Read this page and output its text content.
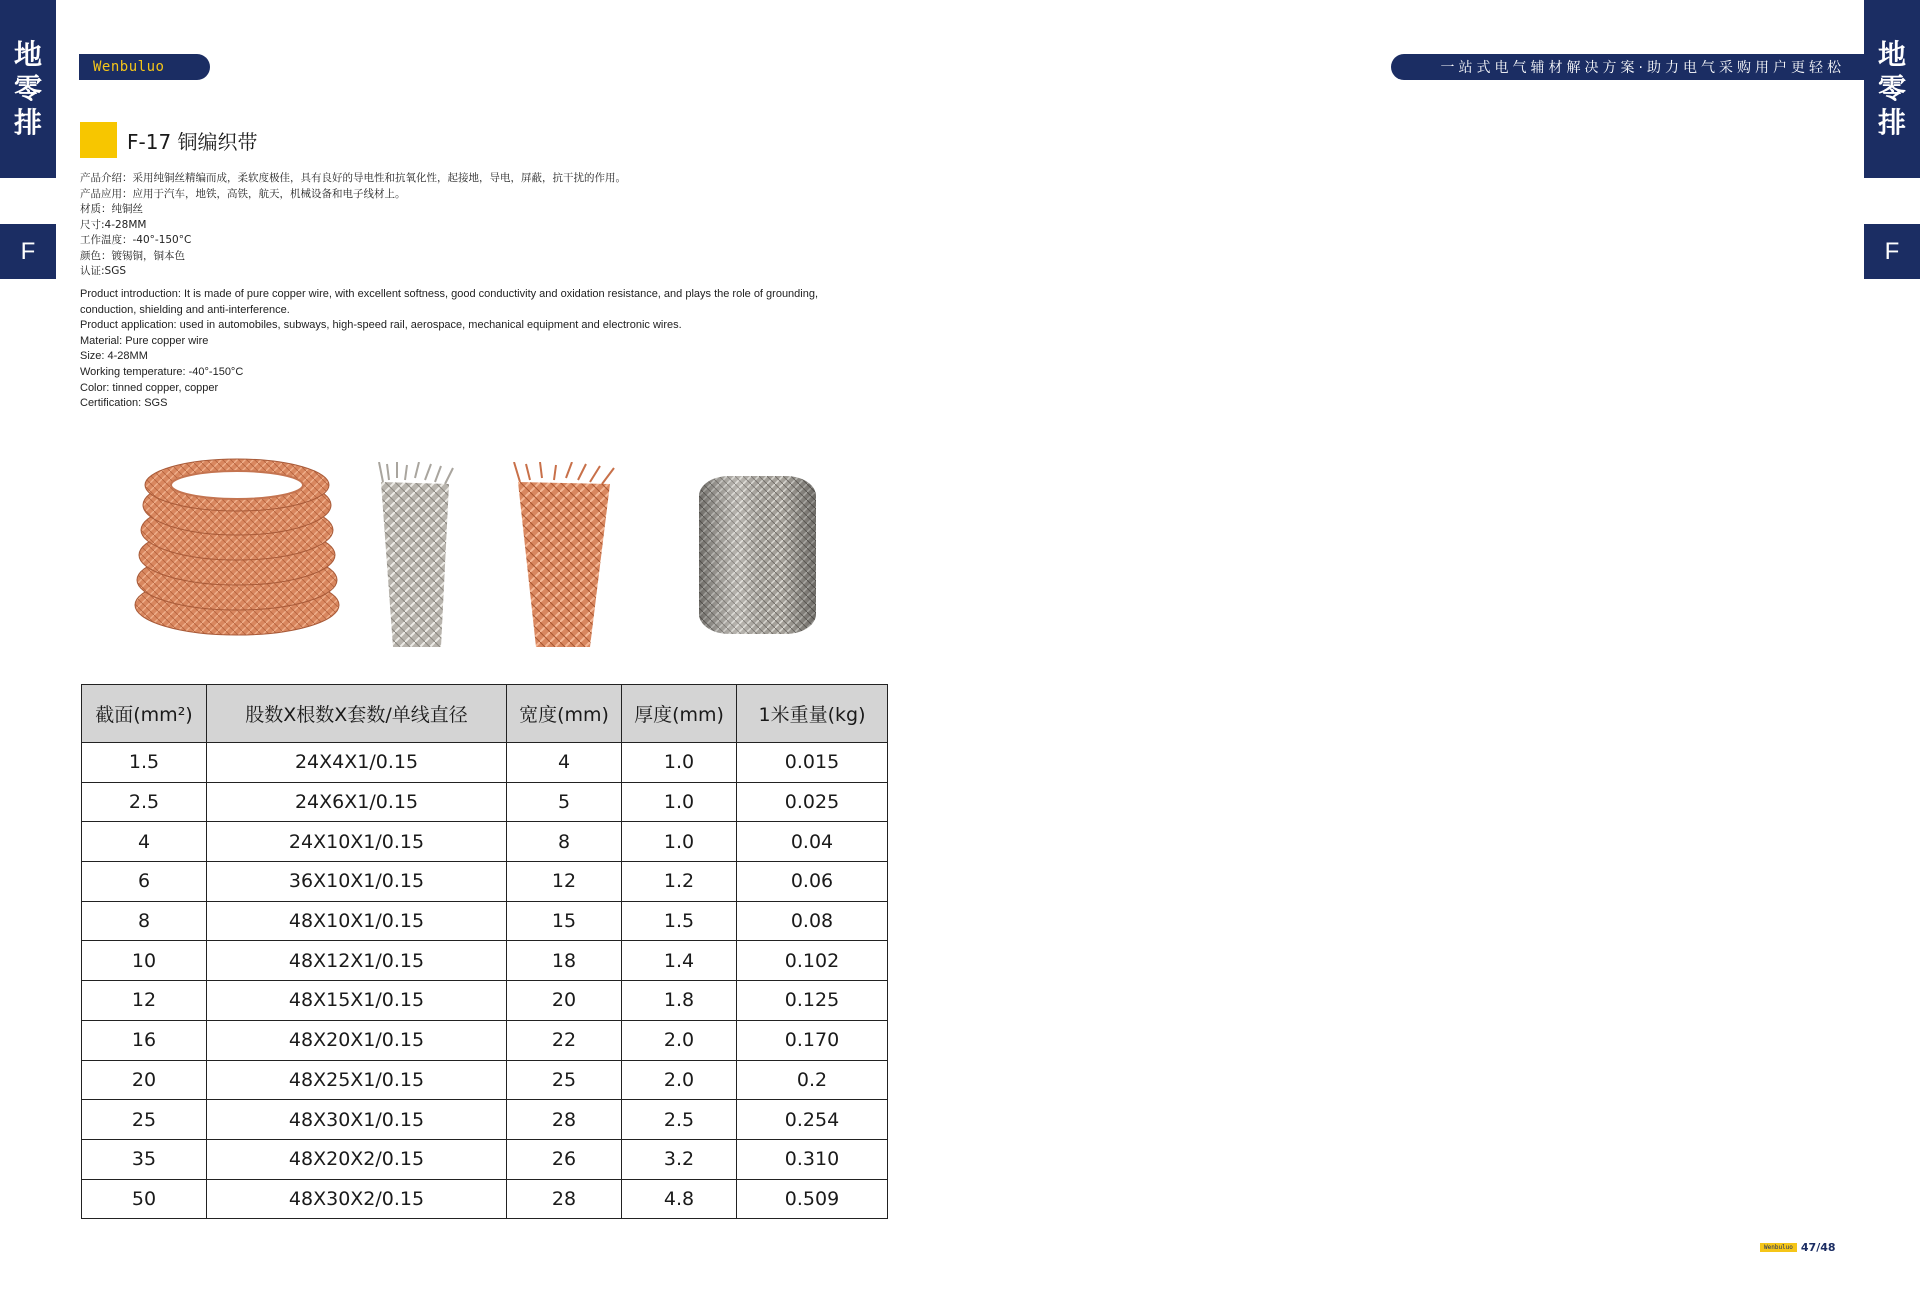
地
零
排
F
地
零
排
F
Wenbuluo	一站式电气辅材解决方案·助力电气采购用户更轻松
F-17 铜编织带
产品介绍：采用纯铜丝精编而成，柔软度极佳，具有良好的导电性和抗氧化性，起接地，导电，屏蔽，抗干扰的作用。
产品应用：应用于汽车，地铁，高铁，航天，机械设备和电子线材上。
材质：纯铜丝
尺寸:4-28MM
工作温度：-40°-150°C
颜色：镀锡铜，铜本色
认证:SGS
Product introduction: It is made of pure copper wire, with excellent softness, good conductivity and oxidation resistance, and plays the role of grounding, conduction, shielding and anti-interference.
Product application: used in automobiles, subways, high-speed rail, aerospace, mechanical equipment and electronic wires.
Material: Pure copper wire
Size: 4-28MM
Working temperature: -40°-150°C
Color: tinned copper, copper
Certification: SGS
截面(mm²)	股数X根数X套数/单线直径	宽度(mm)	厚度(mm)	1米重量(kg)
1.5	24X4X1/0.15	4	1.0	0.015
2.5	24X6X1/0.15	5	1.0	0.025
4	24X10X1/0.15	8	1.0	0.04
6	36X10X1/0.15	12	1.2	0.06
8	48X10X1/0.15	15	1.5	0.08
10	48X12X1/0.15	18	1.4	0.102
12	48X15X1/0.15	20	1.8	0.125
16	48X20X1/0.15	22	2.0	0.170
20	48X25X1/0.15	25	2.0	0.2
25	48X30X1/0.15	28	2.5	0.254
35	48X20X2/0.15	26	3.2	0.310
50	48X30X2/0.15	28	4.8	0.509
Wenbuluo 47/48
